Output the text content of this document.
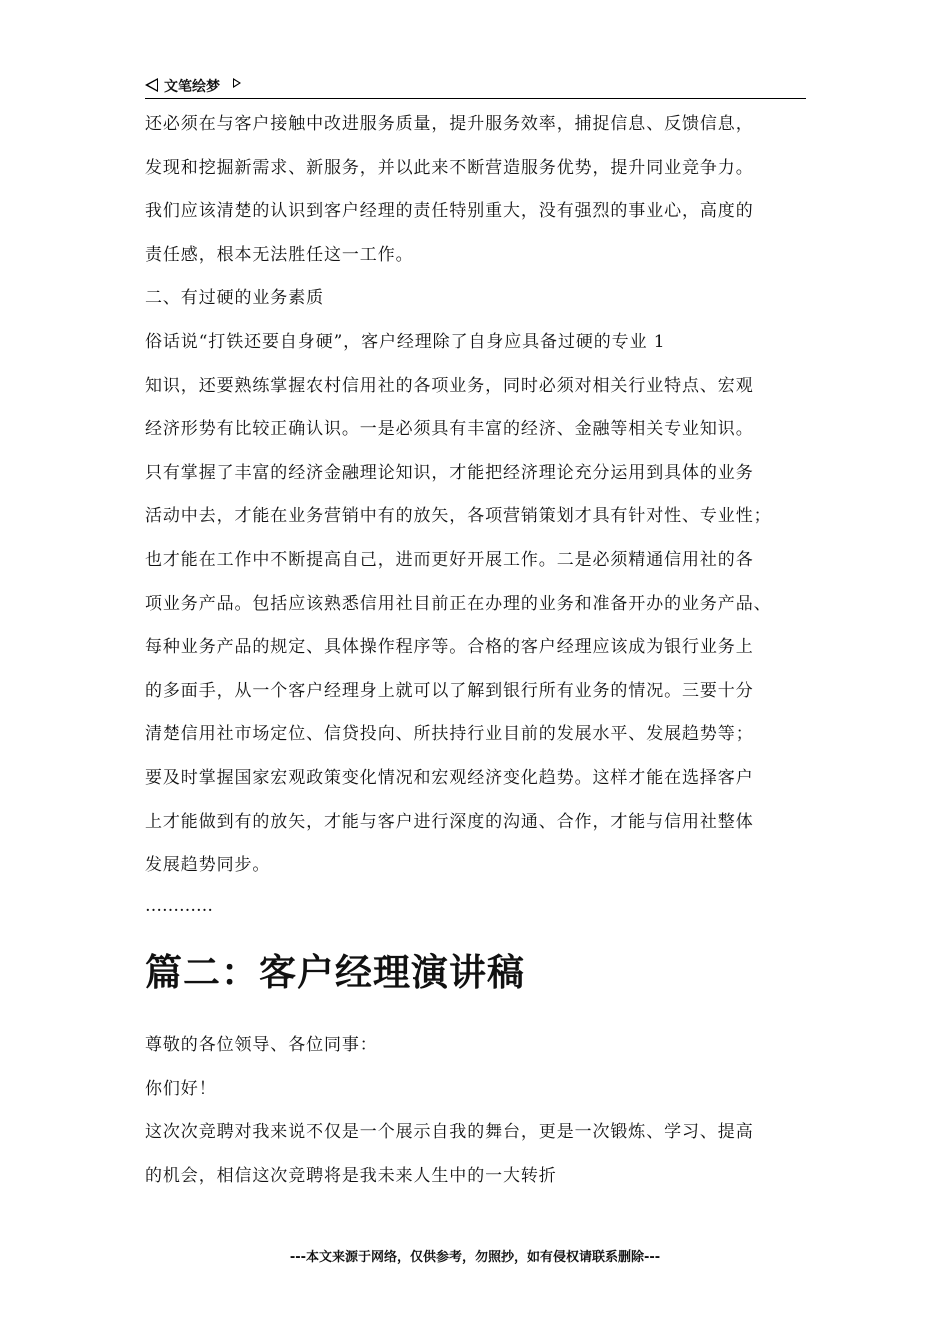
文笔绘梦
还必须在与客户接触中改进服务质量，提升服务效率，捕捉信息、反馈信息，
发现和挖掘新需求、新服务，并以此来不断营造服务优势，提升同业竞争力。
我们应该清楚的认识到客户经理的责任特别重大，没有强烈的事业心，高度的
责任感，根本无法胜任这一工作。
二、有过硬的业务素质
俗话说“打铁还要自身硬”，客户经理除了自身应具备过硬的专业 1
知识，还要熟练掌握农村信用社的各项业务，同时必须对相关行业特点、宏观
经济形势有比较正确认识。一是必须具有丰富的经济、金融等相关专业知识。
只有掌握了丰富的经济金融理论知识，才能把经济理论充分运用到具体的业务
活动中去，才能在业务营销中有的放矢，各项营销策划才具有针对性、专业性；
也才能在工作中不断提高自己，进而更好开展工作。二是必须精通信用社的各
项业务产品。包括应该熟悉信用社目前正在办理的业务和准备开办的业务产品、
每种业务产品的规定、具体操作程序等。合格的客户经理应该成为银行业务上
的多面手，从一个客户经理身上就可以了解到银行所有业务的情况。三要十分
清楚信用社市场定位、信贷投向、所扶持行业目前的发展水平、发展趋势等；
要及时掌握国家宏观政策变化情况和宏观经济变化趋势。这样才能在选择客户
上才能做到有的放矢，才能与客户进行深度的沟通、合作，才能与信用社整体
发展趋势同步。
…………
篇二：客户经理演讲稿
尊敬的各位领导、各位同事：
你们好！
这次次竞聘对我来说不仅是一个展示自我的舞台，更是一次锻炼、学习、提高
的机会，相信这次竞聘将是我未来人生中的一大转折
---本文来源于网络，仅供参考，勿照抄，如有侵权请联系删除---
